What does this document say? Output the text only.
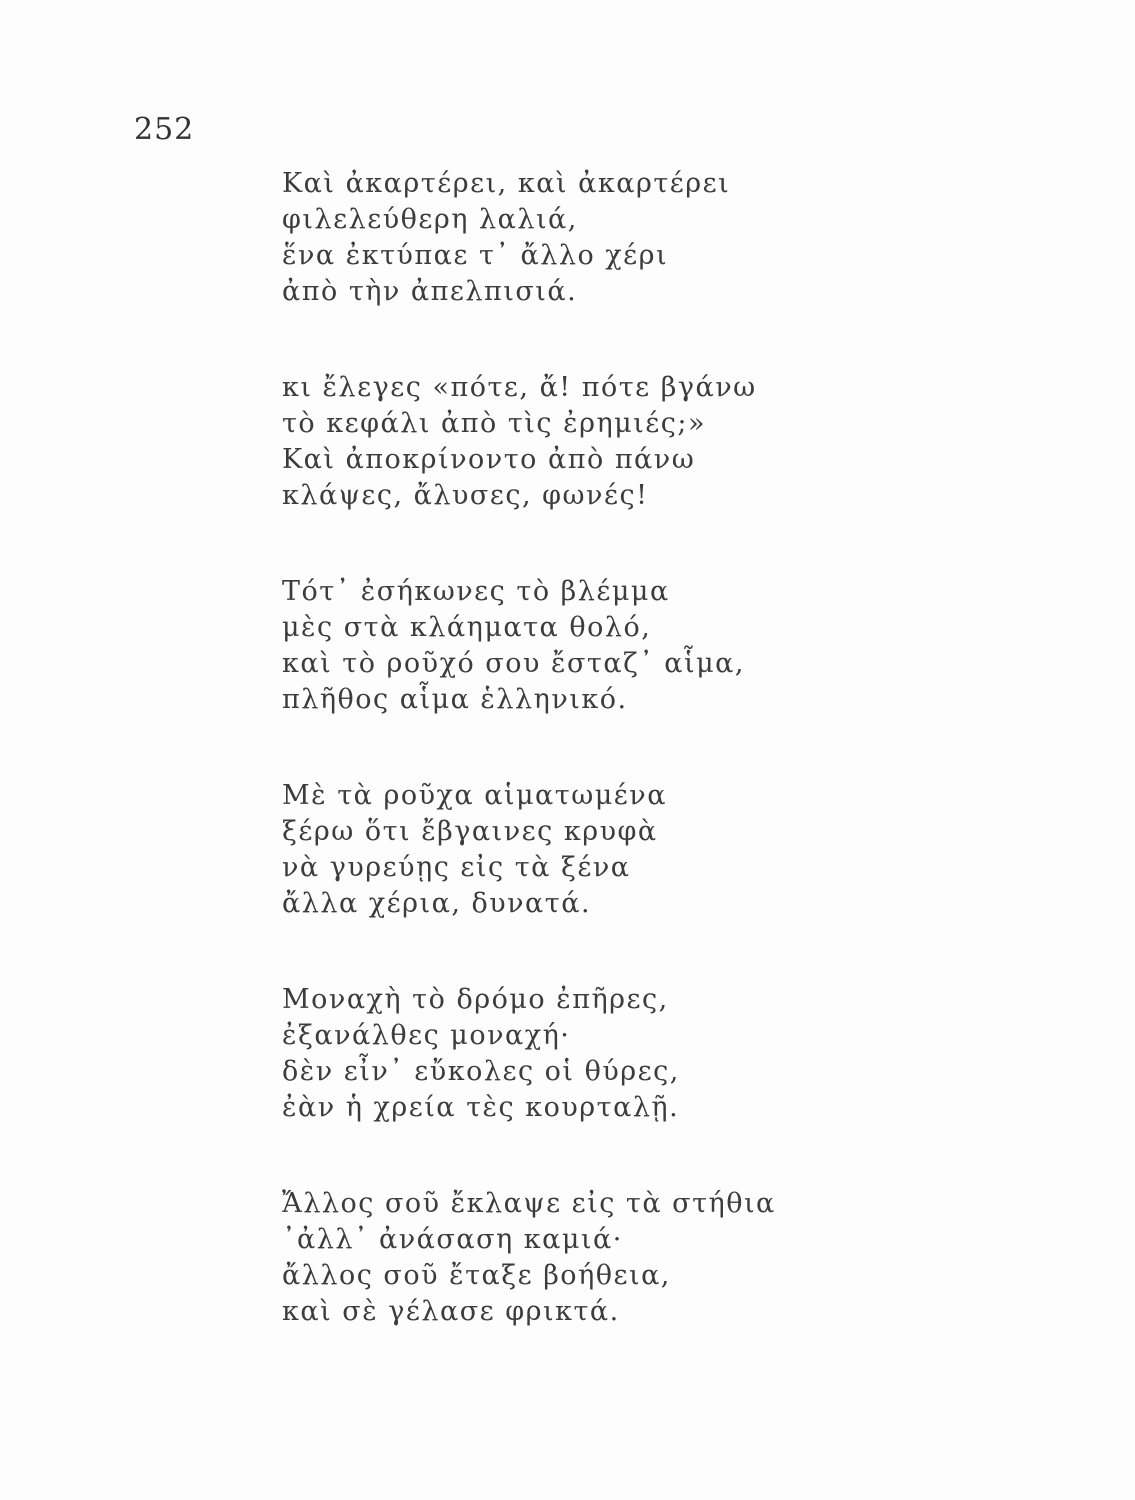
252
Καὶ ἀκαρτέρει, καὶ ἀκαρτέρει
φιλελεύθερη λαλιά,
ἕνα ἐκτύπαε τ᾿ ἄλλο χέρι
ἀπὸ τὴν ἀπελπισιά.
κι ἔλεγες «πότε, ἄ! πότε βγάνω
τὸ κεφάλι ἀπὸ τὶς ἐρημιές;»
Καὶ ἀποκρίνοντο ἀπὸ πάνω
κλάψες, ἄλυσες, φωνές!
Τότ᾿ ἐσήκωνες τὸ βλέμμα
μὲς στὰ κλάηματα θολό,
καὶ τὸ ροῦχό σου ἔσταζ᾿ αἷμα,
πλῆθος αἷμα ἑλληνικό.
Μὲ τὰ ροῦχα αἱματωμένα
ξέρω ὅτι ἔβγαινες κρυφὰ
νὰ γυρεύῃς εἰς τὰ ξένα
ἄλλα χέρια, δυνατά.
Μοναχὴ τὸ δρόμο ἐπῆρες,
ἐξανάλθες μοναχή·
δὲν εἶν᾿ εὔκολες οἱ θύρες,
ἐὰν ἡ χρεία τὲς κουρταλῇ.
Ἄλλος σοῦ ἔκλαψε εἰς τὰ στήθια
᾿ἀλλ᾿ ἀνάσαση καμιά·
ἄλλος σοῦ ἔταξε βοήθεια,
καὶ σὲ γέλασε φρικτά.
